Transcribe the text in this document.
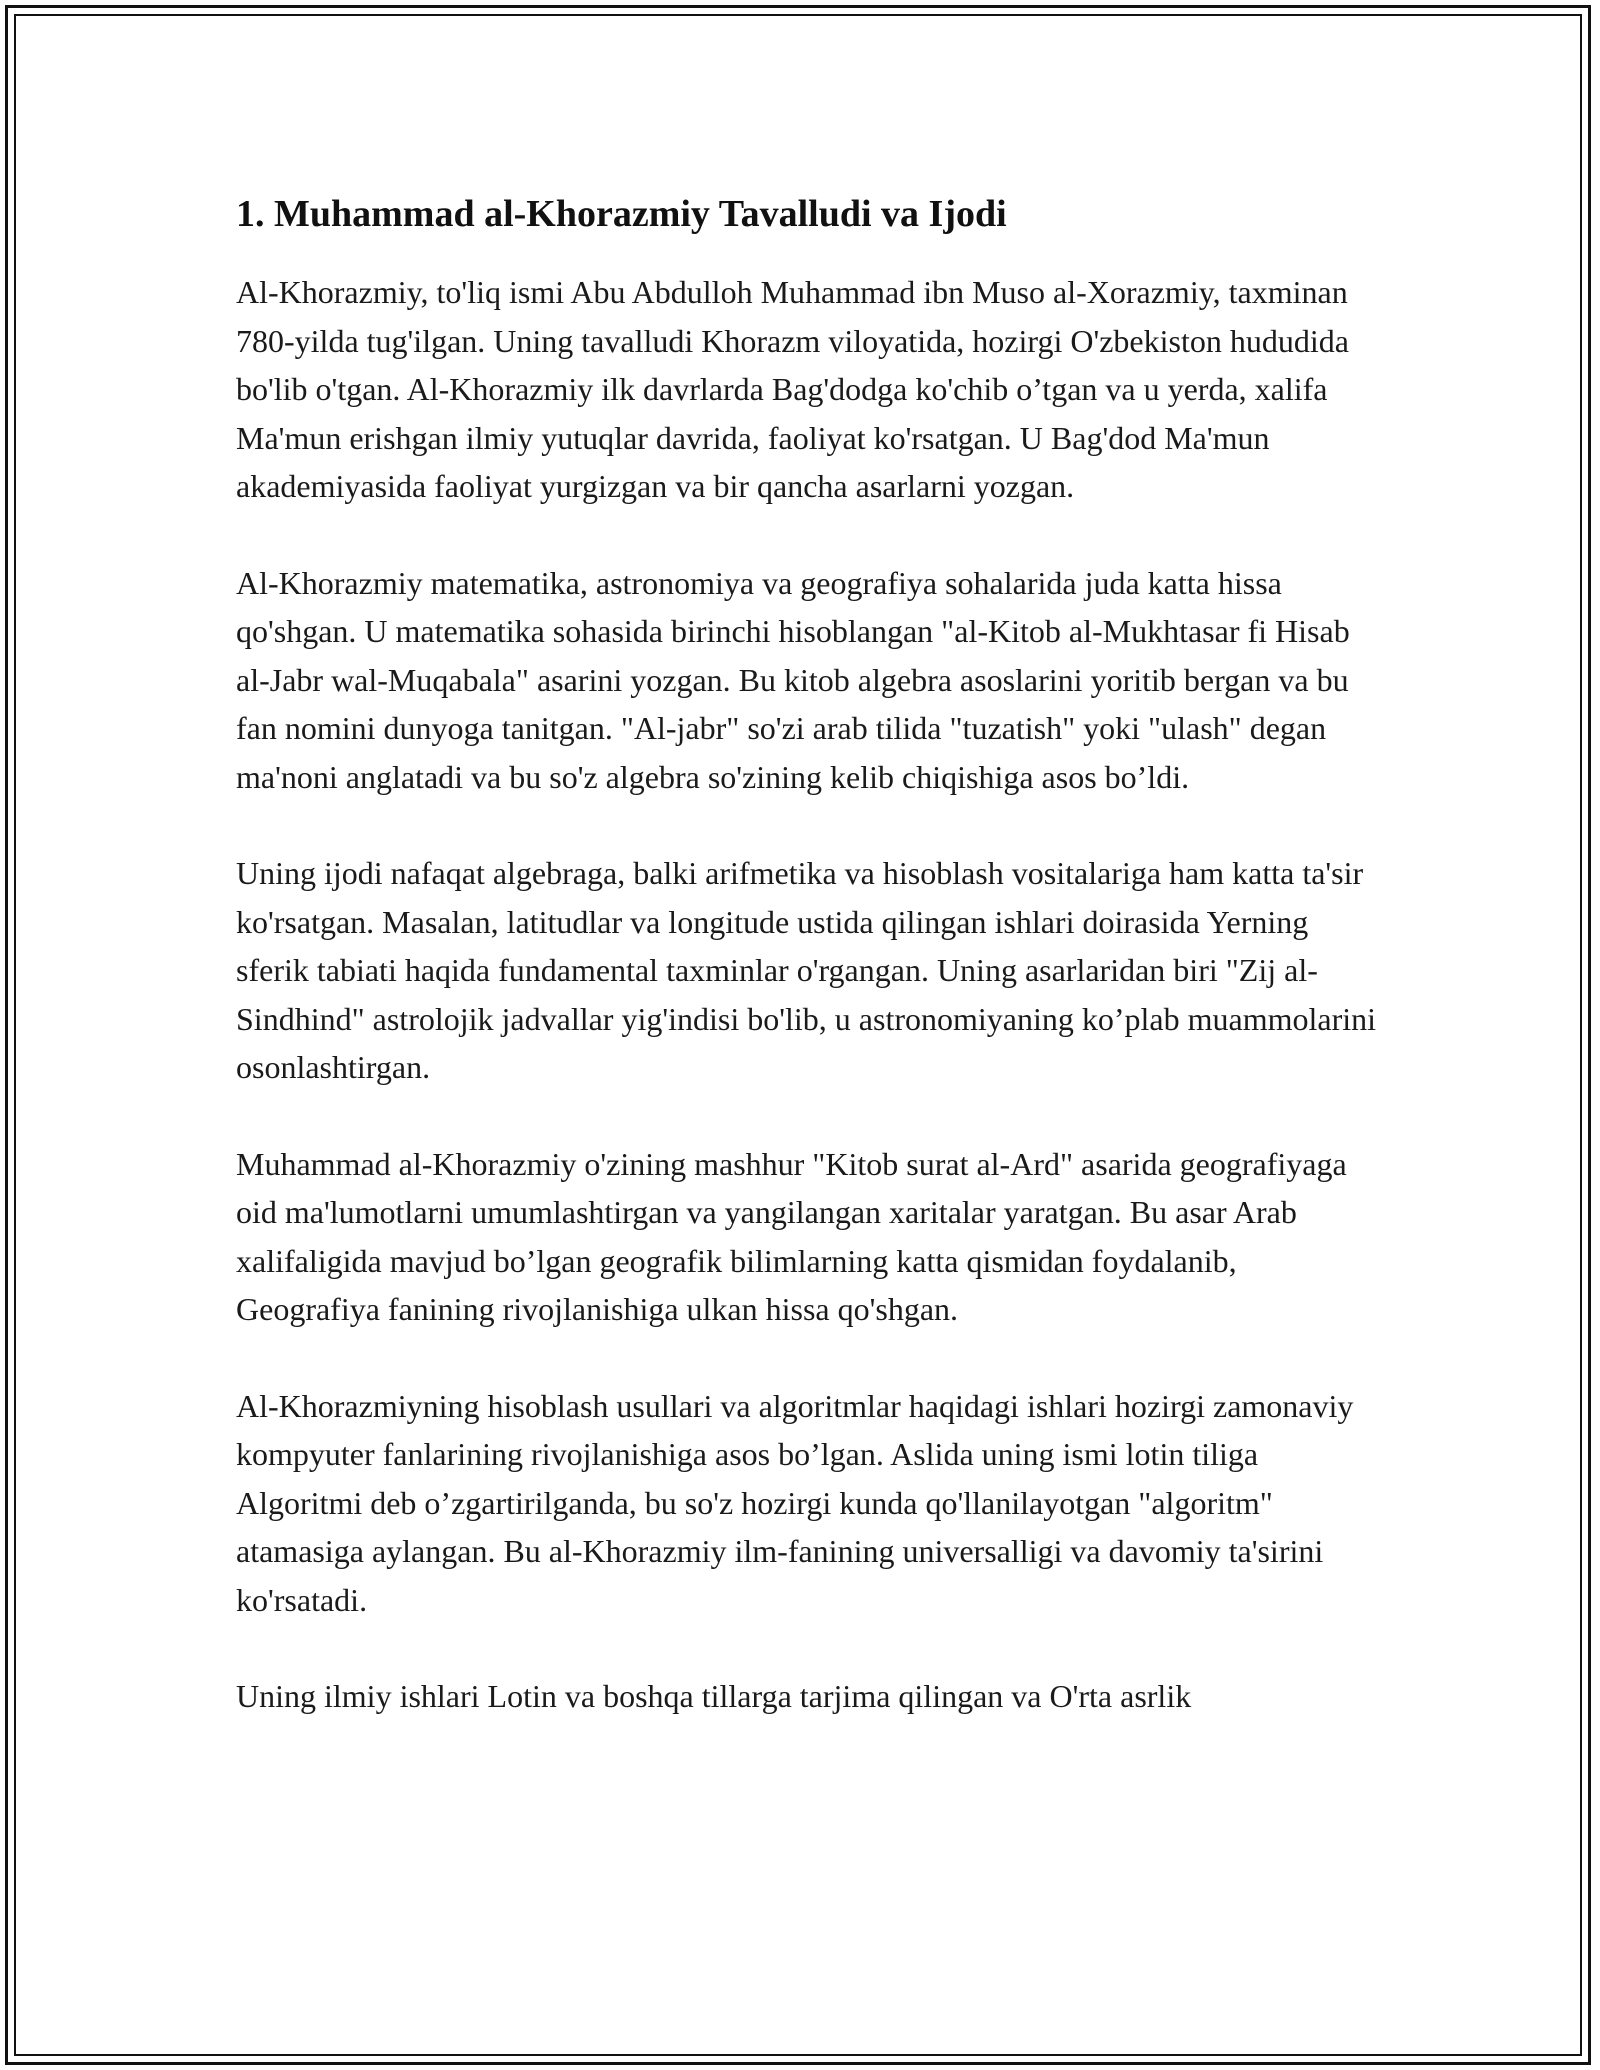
1. Muhammad al-Khorazmiy Tavalludi va Ijodi

Al-Khorazmiy, to'liq ismi Abu Abdulloh Muhammad ibn Muso al-Xorazmiy, taxminan 780-yilda tug'ilgan. Uning tavalludi Khorazm viloyatida, hozirgi O'zbekiston hududida bo'lib o'tgan. Al-Khorazmiy ilk davrlarda Bag'dodga ko'chib o’tgan va u yerda, xalifa Ma'mun erishgan ilmiy yutuqlar davrida, faoliyat ko'rsatgan. U Bag'dod Ma'mun akademiyasida faoliyat yurgizgan va bir qancha asarlarni yozgan.

Al-Khorazmiy matematika, astronomiya va geografiya sohalarida juda katta hissa qo'shgan. U matematika sohasida birinchi hisoblangan "al-Kitob al-Mukhtasar fi Hisab al-Jabr wal-Muqabala" asarini yozgan. Bu kitob algebra asoslarini yoritib bergan va bu fan nomini dunyoga tanitgan. "Al-jabr" so'zi arab tilida "tuzatish" yoki "ulash" degan ma'noni anglatadi va bu so'z algebra so'zining kelib chiqishiga asos bo’ldi.

Uning ijodi nafaqat algebraga, balki arifmetika va hisoblash vositalariga ham katta ta'sir ko'rsatgan. Masalan, latitudlar va longitude ustida qilingan ishlari doirasida Yerning sferik tabiati haqida fundamental taxminlar o'rgangan. Uning asarlaridan biri "Zij al-Sindhind" astrolojik jadvallar yig'indisi bo'lib, u astronomiyaning ko’plab muammolarini osonlashtirgan.

Muhammad al-Khorazmiy o'zining mashhur "Kitob surat al-Ard" asarida geografiyaga oid ma'lumotlarni umumlashtirgan va yangilangan xaritalar yaratgan. Bu asar Arab xalifaligida mavjud bo’lgan geografik bilimlarning katta qismidan foydalanib, Geografiya fanining rivojlanishiga ulkan hissa qo'shgan.

Al-Khorazmiyning hisoblash usullari va algoritmlar haqidagi ishlari hozirgi zamonaviy kompyuter fanlarining rivojlanishiga asos bo’lgan. Aslida uning ismi lotin tiliga Algoritmi deb o’zgartirilganda, bu so'z hozirgi kunda qo'llanilayotgan "algoritm" atamasiga aylangan. Bu al-Khorazmiy ilm-fanining universalligi va davomiy ta'sirini ko'rsatadi.

Uning ilmiy ishlari Lotin va boshqa tillarga tarjima qilingan va O'rta asrlik
